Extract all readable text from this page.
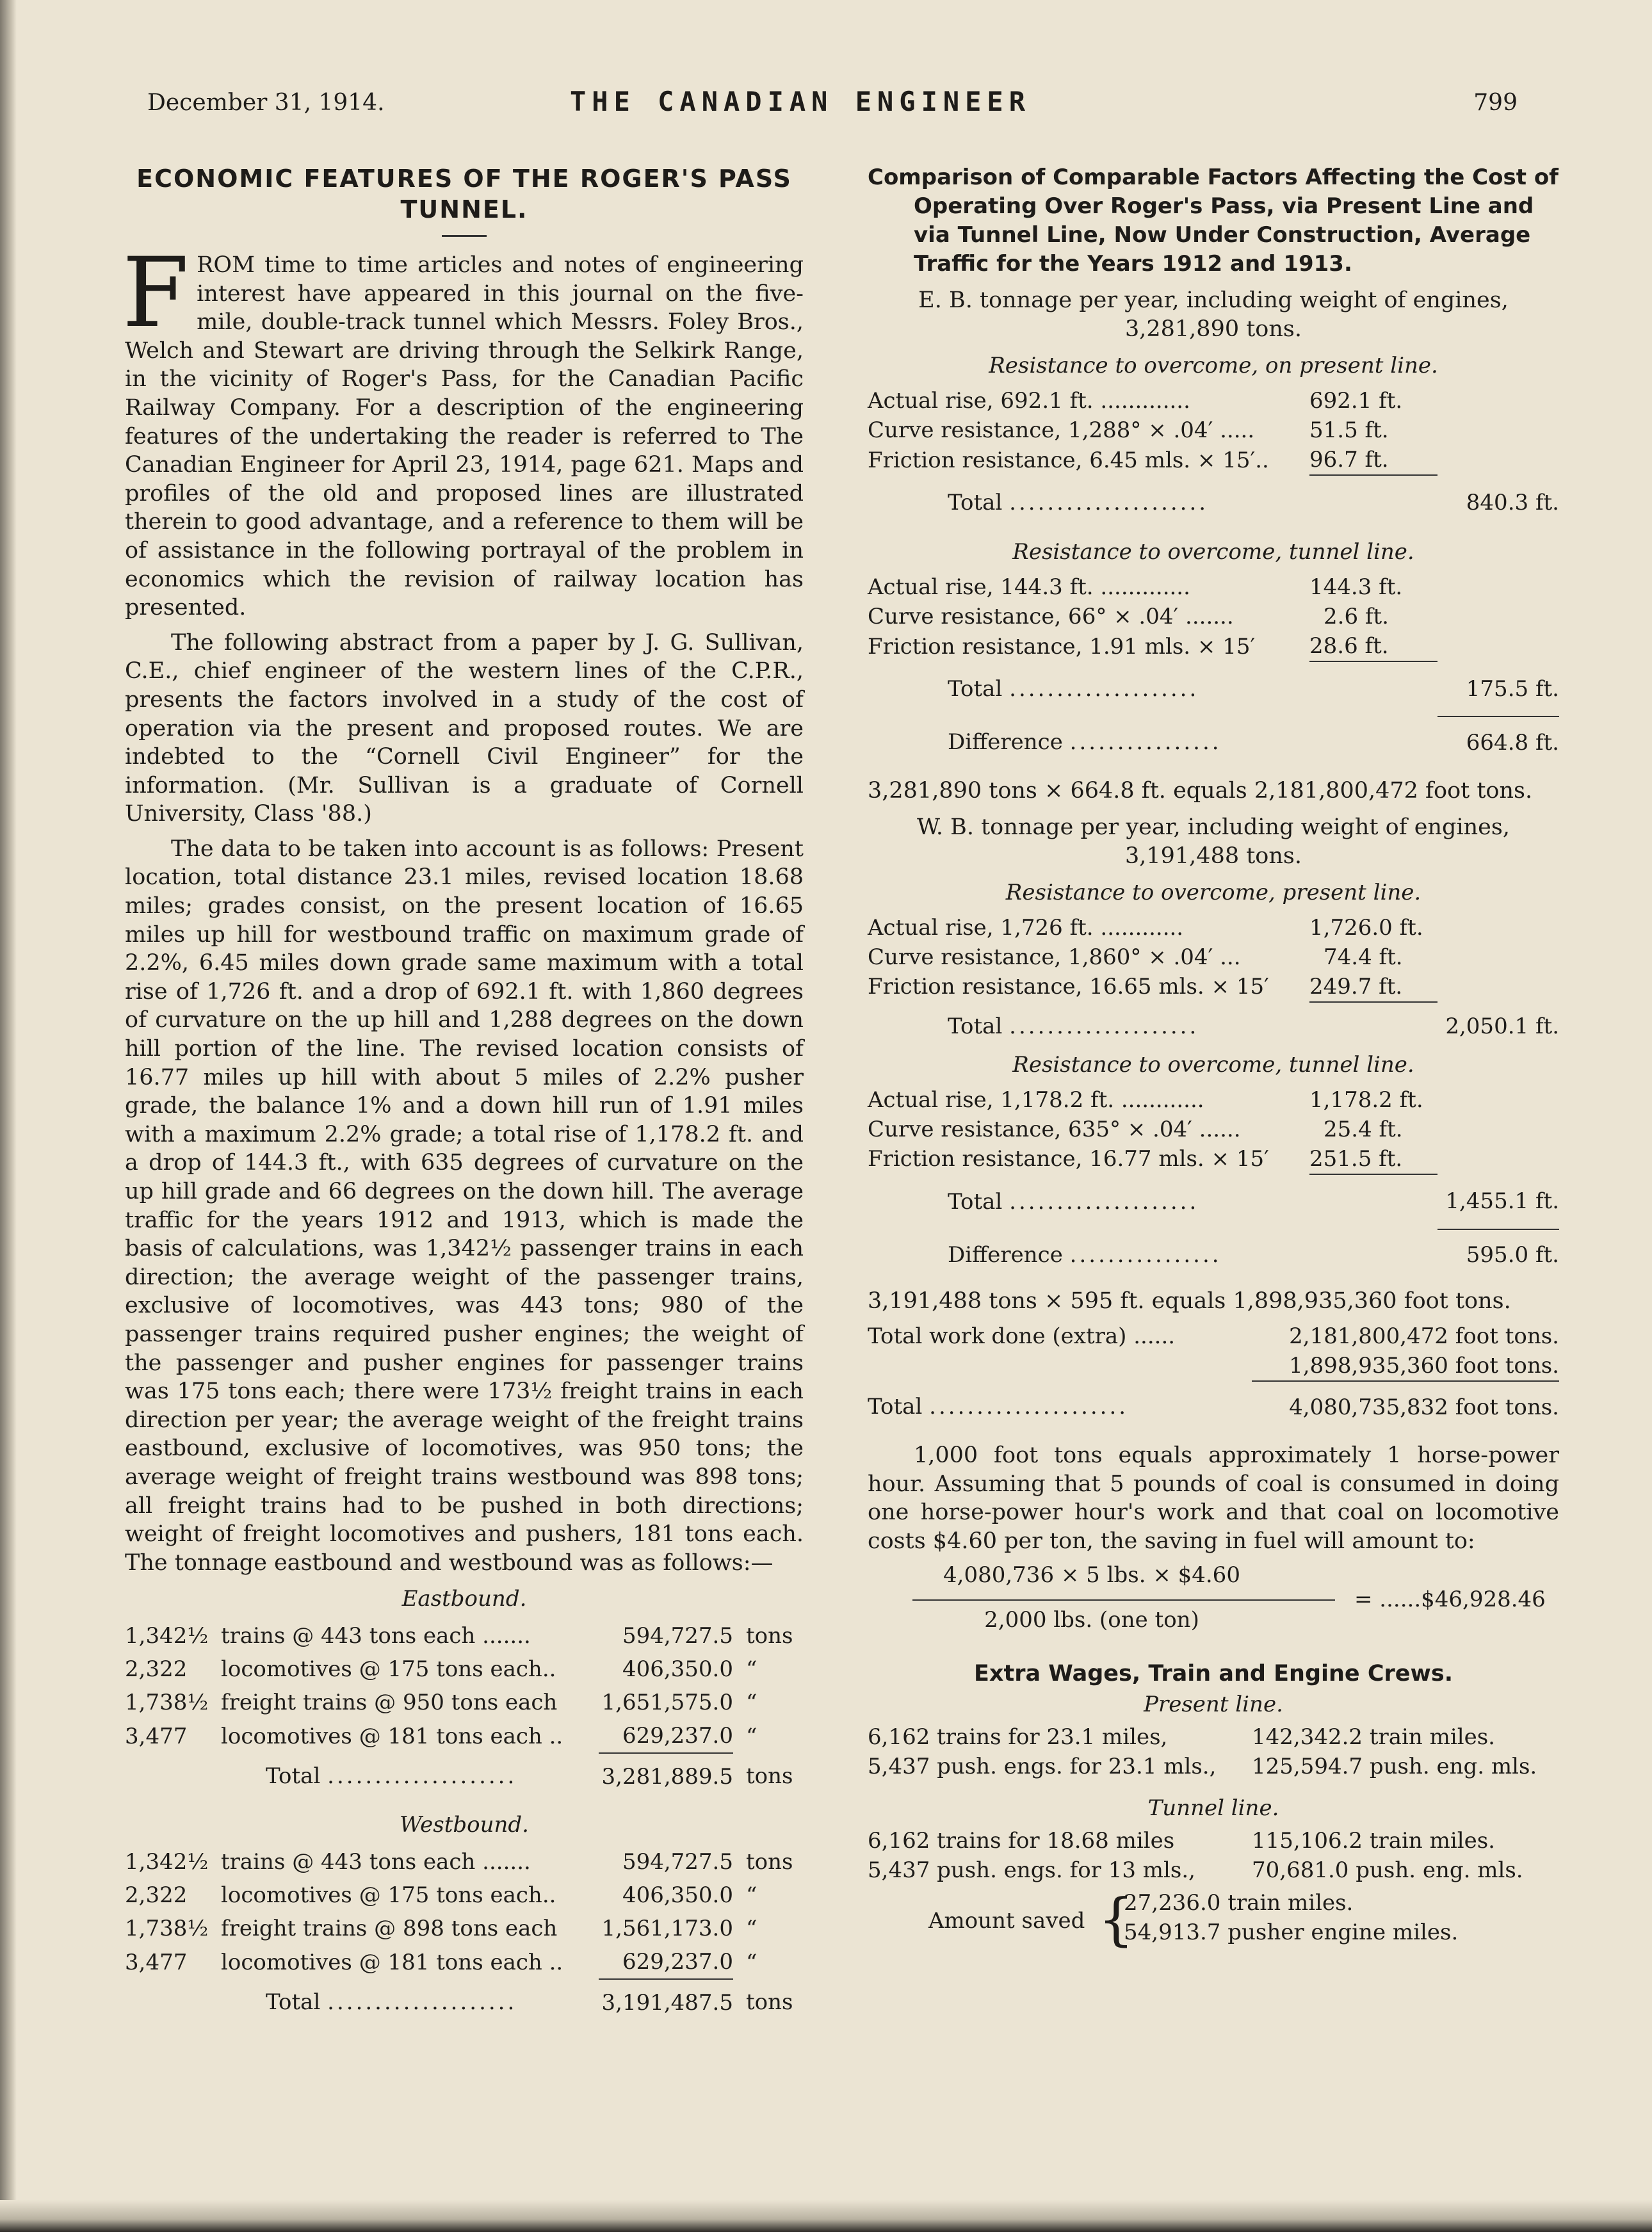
December 31, 1914.	THE CANADIAN ENGINEER	799
ECONOMIC FEATURES OF THE ROGER'S PASS TUNNEL.

FROM time to time articles and notes of engineering interest have appeared in this journal on the five-mile, double-track tunnel which Messrs. Foley Bros., Welch and Stewart are driving through the Selkirk Range, in the vicinity of Roger's Pass, for the Canadian Pacific Railway Company. For a description of the engineering features of the undertaking the reader is referred to The Canadian Engineer for April 23, 1914, page 621. Maps and profiles of the old and proposed lines are illustrated therein to good advantage, and a reference to them will be of assistance in the following portrayal of the problem in economics which the revision of railway location has presented.

The following abstract from a paper by J. G. Sullivan, C.E., chief engineer of the western lines of the C.P.R., presents the factors involved in a study of the cost of operation via the present and proposed routes. We are indebted to the “Cornell Civil Engineer” for the information. (Mr. Sullivan is a graduate of Cornell University, Class '88.)

The data to be taken into account is as follows: Present location, total distance 23.1 miles, revised location 18.68 miles; grades consist, on the present location of 16.65 miles up hill for westbound traffic on maximum grade of 2.2%, 6.45 miles down grade same maximum with a total rise of 1,726 ft. and a drop of 692.1 ft. with 1,860 degrees of curvature on the up hill and 1,288 degrees on the down hill portion of the line. The revised location consists of 16.77 miles up hill with about 5 miles of 2.2% pusher grade, the balance 1% and a down hill run of 1.91 miles with a maximum 2.2% grade; a total rise of 1,178.2 ft. and a drop of 144.3 ft., with 635 degrees of curvature on the up hill grade and 66 degrees on the down hill. The average traffic for the years 1912 and 1913, which is made the basis of calculations, was 1,342½ passenger trains in each direction; the average weight of the passenger trains, exclusive of locomotives, was 443 tons; 980 of the passenger trains required pusher engines; the weight of the passenger and pusher engines for passenger trains was 175 tons each; there were 173½ freight trains in each direction per year; the average weight of the freight trains eastbound, exclusive of locomotives, was 950 tons; the average weight of freight trains westbound was 898 tons; all freight trains had to be pushed in both directions; weight of freight locomotives and pushers, 181 tons each. The tonnage eastbound and westbound was as follows:—

Eastbound.
1,342½	trains @ 443 tons each .......	594,727.5	tons
2,322	locomotives @ 175 tons each..	406,350.0	“
1,738½	freight trains @ 950 tons each	1,651,575.0	“
3,477	locomotives @ 181 tons each ..	629,237.0	“
Total ....................		3,281,889.5	tons
Westbound.
1,342½	trains @ 443 tons each .......	594,727.5	tons
2,322	locomotives @ 175 tons each..	406,350.0	“
1,738½	freight trains @ 898 tons each	1,561,173.0	“
3,477	locomotives @ 181 tons each ..	629,237.0	“
Total ....................		3,191,487.5	tons
Comparison of Comparable Factors Affecting the Cost of Operating Over Roger's Pass, via Present Line and via Tunnel Line, Now Under Construction, Average Traffic for the Years 1912 and 1913.

E. B. tonnage per year, including weight of engines, 3,281,890 tons.

Resistance to overcome, on present line.
Actual rise, 692.1 ft. .............	692.1 ft.	
Curve resistance, 1,288° × .04′ .....	51.5 ft.	
Friction resistance, 6.45 mls. × 15′..	96.7 ft.	
Total .....................		840.3 ft.
Resistance to overcome, tunnel line.
Actual rise, 144.3 ft. .............	144.3 ft.	
Curve resistance, 66° × .04′ .......	2.6 ft.	
Friction resistance, 1.91 mls. × 15′	28.6 ft.	
Total ....................		175.5 ft.
Difference ................		664.8 ft.

3,281,890 tons × 664.8 ft. equals 2,181,800,472 foot tons.

W. B. tonnage per year, including weight of engines, 3,191,488 tons.

Resistance to overcome, present line.
Actual rise, 1,726 ft. ............	1,726.0 ft.	
Curve resistance, 1,860° × .04′ ...	74.4 ft.	
Friction resistance, 16.65 mls. × 15′	249.7 ft.	
Total ....................		2,050.1 ft.
Resistance to overcome, tunnel line.
Actual rise, 1,178.2 ft. ............	1,178.2 ft.	
Curve resistance, 635° × .04′ ......	25.4 ft.	
Friction resistance, 16.77 mls. × 15′	251.5 ft.	
Total ....................		1,455.1 ft.
Difference ................		595.0 ft.

3,191,488 tons × 595 ft. equals 1,898,935,360 foot tons.

Total work done (extra) ......	2,181,800,472 foot tons.
	1,898,935,360 foot tons.
Total .....................	4,080,735,832 foot tons.

1,000 foot tons equals approximately 1 horse-power hour. Assuming that 5 pounds of coal is consumed in doing one horse-power hour's work and that coal on locomotive costs $4.60 per ton, the saving in fuel will amount to:

4,080,736 × 5 lbs. × $4.60
2,000 lbs. (one ton)
= ......$46,928.46
Extra Wages, Train and Engine Crews.
Present line.
6,162 trains for 23.1 miles,	142,342.2 train miles.
5,437 push. engs. for 23.1 mls.,	125,594.7 push. eng. mls.
Tunnel line.
6,162 trains for 18.68 miles	115,106.2 train miles.
5,437 push. engs. for 13 mls.,	70,681.0 push. eng. mls.
Amount saved {
27,236.0 train miles.
54,913.7 pusher engine miles.
